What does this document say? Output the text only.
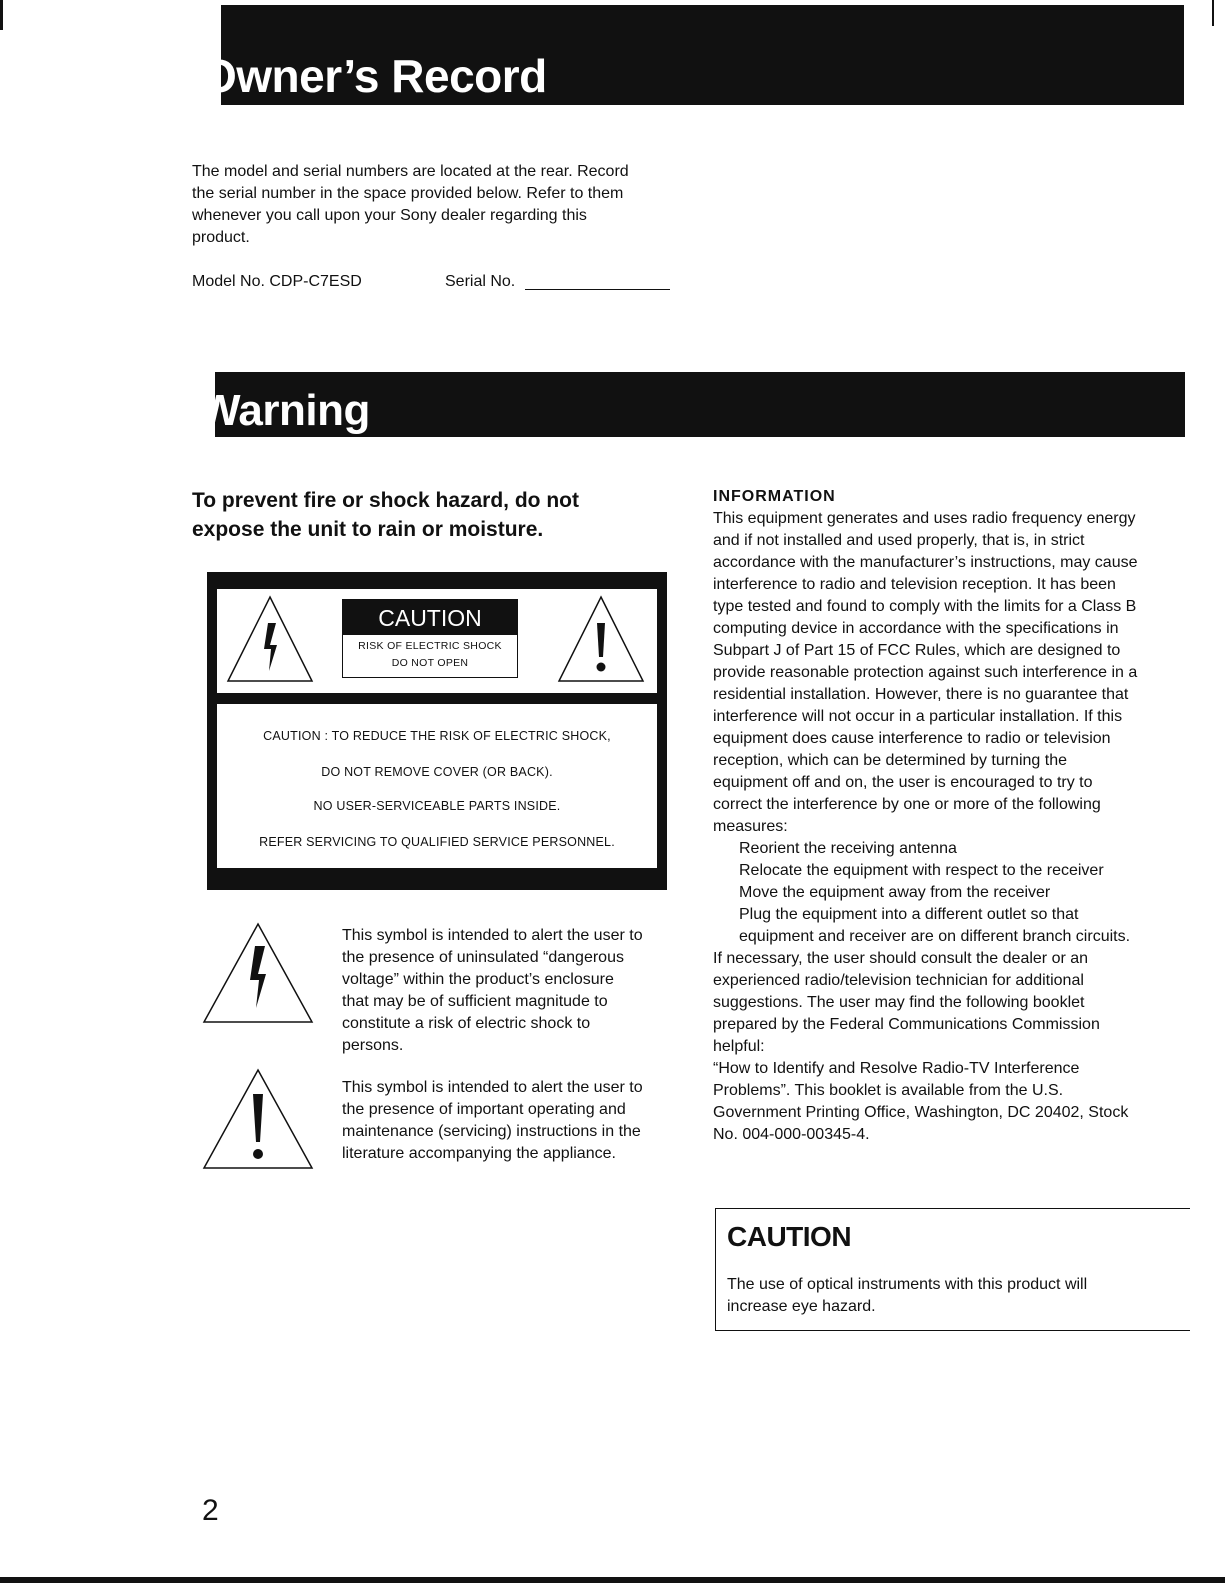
Owner’s Record

The model and serial numbers are located at the rear. Record

the serial number in the space provided below. Refer to them

whenever you call upon your Sony dealer regarding this

product.

Model No. CDP-C7ESD	Serial No.
Warning

To prevent fire or shock hazard, do not

expose the unit to rain or moisture.

CAUTION
RISK OF ELECTRIC SHOCK
DO NOT OPEN
CAUTION : TO REDUCE THE RISK OF ELECTRIC SHOCK,
DO NOT REMOVE COVER (OR BACK).
NO USER-SERVICEABLE PARTS INSIDE.
REFER SERVICING TO QUALIFIED SERVICE PERSONNEL.

This symbol is intended to alert the user to

the presence of uninsulated “dangerous

voltage” within the product’s enclosure

that may be of sufficient magnitude to

constitute a risk of electric shock to

persons.

This symbol is intended to alert the user to

the presence of important operating and

maintenance (servicing) instructions in the

literature accompanying the appliance.

INFORMATION

This equipment generates and uses radio frequency energy

and if not installed and used properly, that is, in strict

accordance with the manufacturer’s instructions, may cause

interference to radio and television reception. It has been

type tested and found to comply with the limits for a Class B

computing device in accordance with the specifications in

Subpart J of Part 15 of FCC Rules, which are designed to

provide reasonable protection against such interference in a

residential installation. However, there is no guarantee that

interference will not occur in a particular installation. If this

equipment does cause interference to radio or television

reception, which can be determined by turning the

equipment off and on, the user is encouraged to try to

correct the interference by one or more of the following

measures:

Reorient the receiving antenna

Relocate the equipment with respect to the receiver

Move the equipment away from the receiver

Plug the equipment into a different outlet so that

equipment and receiver are on different branch circuits.

If necessary, the user should consult the dealer or an

experienced radio/television technician for additional

suggestions. The user may find the following booklet

prepared by the Federal Communications Commission

helpful:

“How to Identify and Resolve Radio-TV Interference

Problems”. This booklet is available from the U.S.

Government Printing Office, Washington, DC 20402, Stock

No. 004-000-00345-4.

CAUTION

The use of optical instruments with this product will

increase eye hazard.

2
